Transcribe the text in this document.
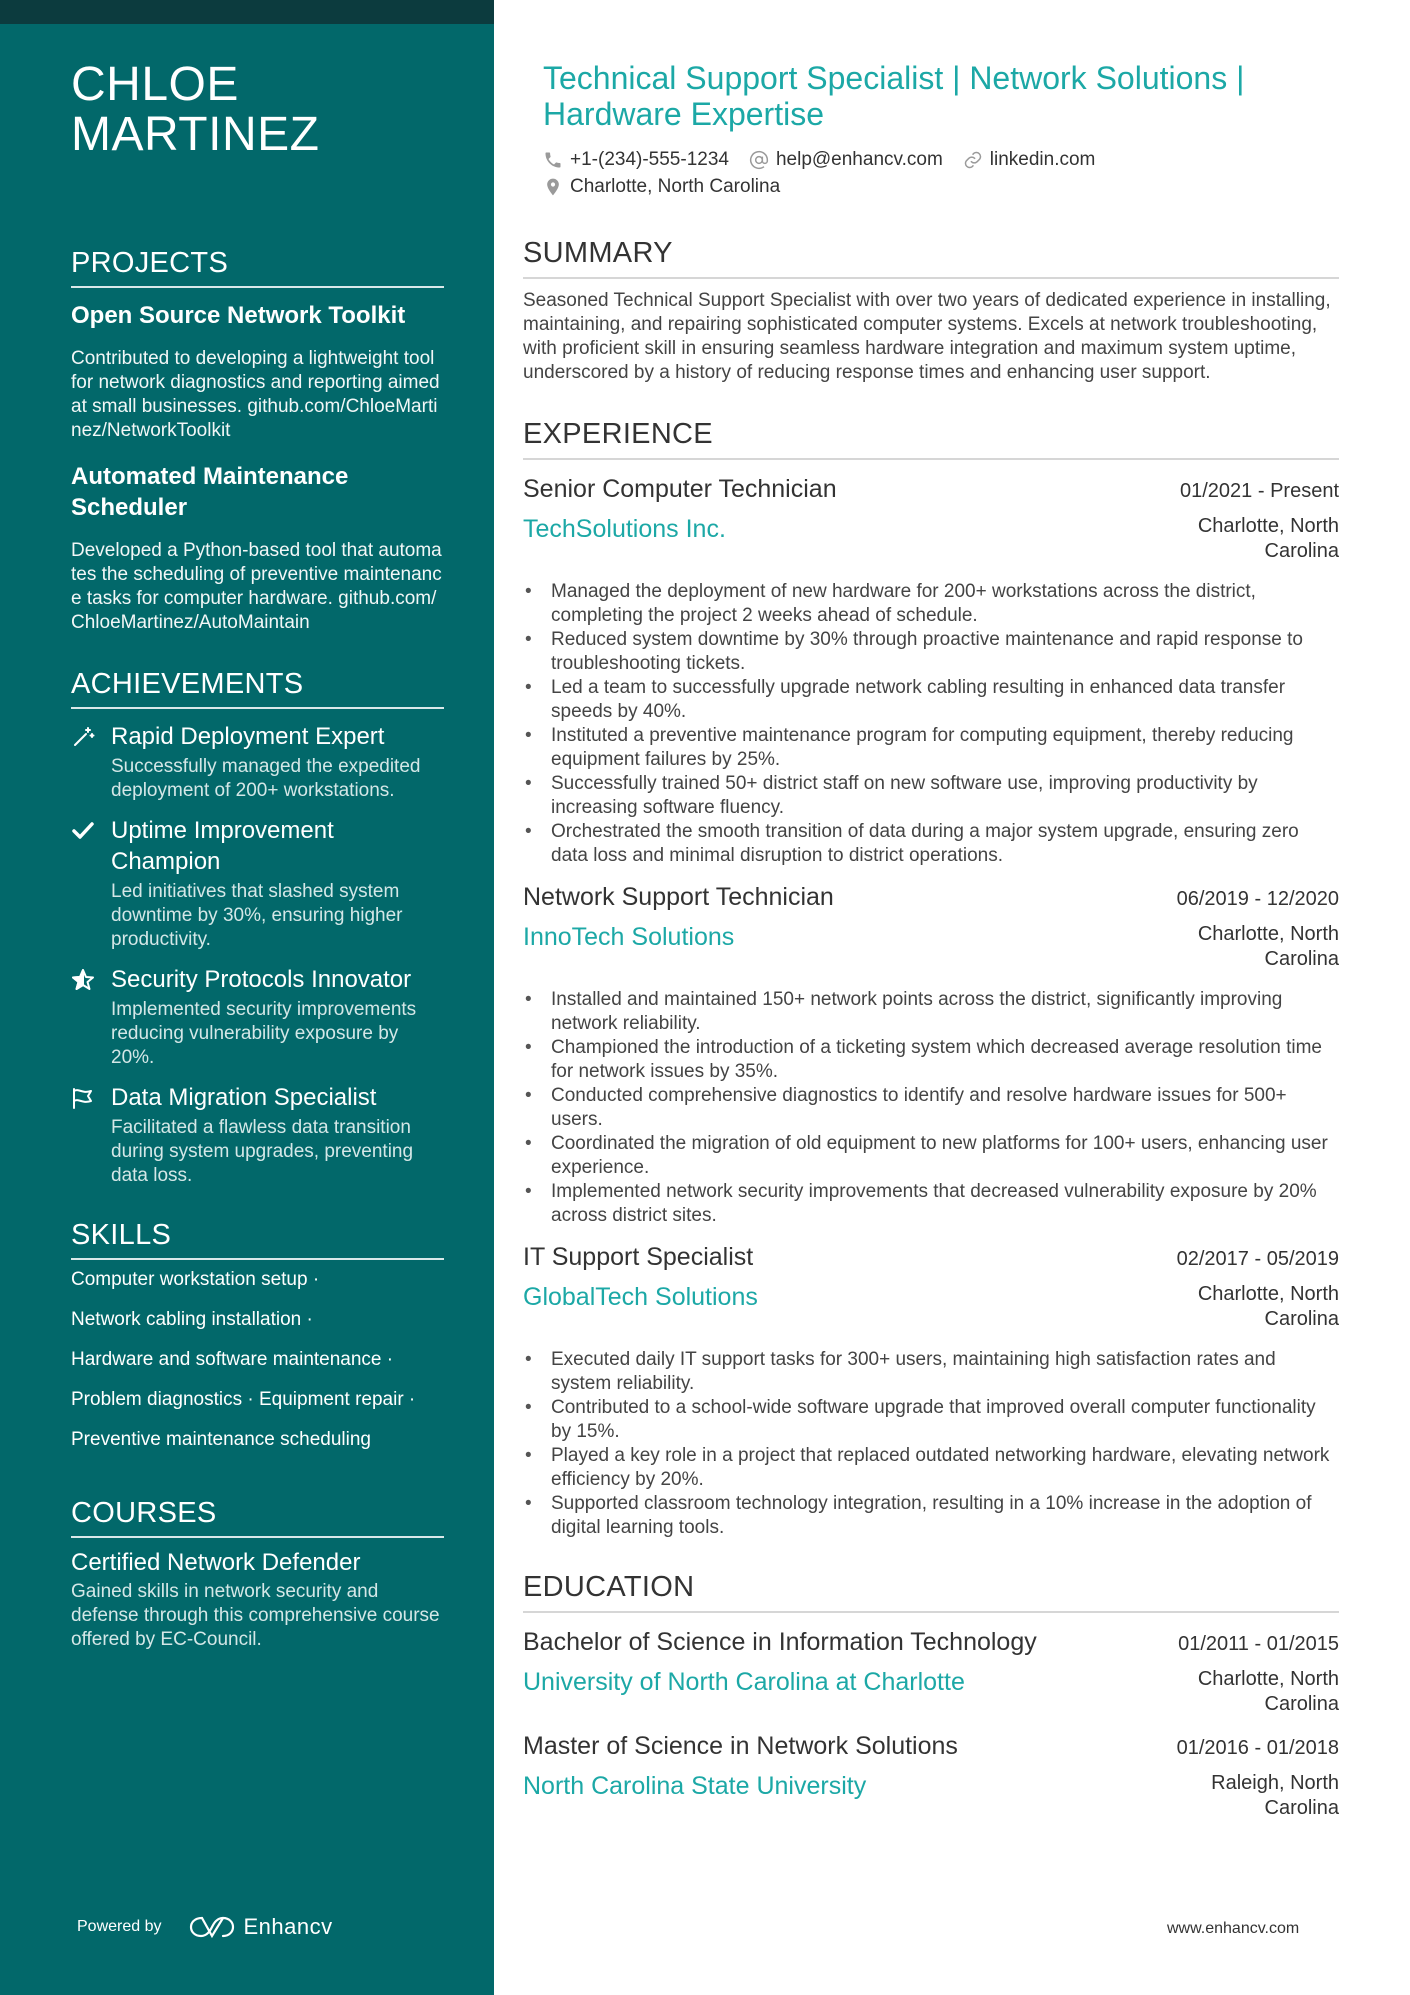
CHLOE
MARTINEZ
PROJECTS
Open Source Network Toolkit
Contributed to developing a lightweight tool for network diagnostics and reporting aimed at small businesses. github.com/ChloeMartinez/NetworkToolkit
Automated Maintenance Scheduler
Developed a Python-based tool that automates the scheduling of preventive maintenance tasks for computer hardware. github.com/ChloeMartinez/AutoMaintain
ACHIEVEMENTS
Rapid Deployment Expert
Successfully managed the expedited deployment of 200+ workstations.
Uptime Improvement Champion
Led initiatives that slashed system downtime by 30%, ensuring higher productivity.
Security Protocols Innovator
Implemented security improvements reducing vulnerability exposure by 20%.
Data Migration Specialist
Facilitated a flawless data transition during system upgrades, preventing data loss.
SKILLS
Computer workstation setup ·
Network cabling installation ·
Hardware and software maintenance ·
Problem diagnostics · Equipment repair ·
Preventive maintenance scheduling
COURSES
Certified Network Defender
Gained skills in network security and defense through this comprehensive course offered by EC-Council.
Powered by	Enhancv
Technical Support Specialist | Network Solutions | Hardware Expertise
+1-(234)-555-1234 help@enhancv.com linkedin.com
Charlotte, North Carolina
SUMMARY

Seasoned Technical Support Specialist with over two years of dedicated experience in installing, maintaining, and repairing sophisticated computer systems. Excels at network troubleshooting, with proficient skill in ensuring seamless hardware integration and maximum system uptime, underscored by a history of reducing response times and enhancing user support.

EXPERIENCE
Senior Computer Technician	01/2021 - Present
TechSolutions Inc.	Charlotte, North Carolina
• Managed the deployment of new hardware for 200+ workstations across the district, completing the project 2 weeks ahead of schedule.
• Reduced system downtime by 30% through proactive maintenance and rapid response to troubleshooting tickets.
• Led a team to successfully upgrade network cabling resulting in enhanced data transfer speeds by 40%.
• Instituted a preventive maintenance program for computing equipment, thereby reducing equipment failures by 25%.
• Successfully trained 50+ district staff on new software use, improving productivity by increasing software fluency.
• Orchestrated the smooth transition of data during a major system upgrade, ensuring zero data loss and minimal disruption to district operations.
Network Support Technician	06/2019 - 12/2020
InnoTech Solutions	Charlotte, North Carolina
• Installed and maintained 150+ network points across the district, significantly improving network reliability.
• Championed the introduction of a ticketing system which decreased average resolution time for network issues by 35%.
• Conducted comprehensive diagnostics to identify and resolve hardware issues for 500+ users.
• Coordinated the migration of old equipment to new platforms for 100+ users, enhancing user experience.
• Implemented network security improvements that decreased vulnerability exposure by 20% across district sites.
IT Support Specialist	02/2017 - 05/2019
GlobalTech Solutions	Charlotte, North Carolina
• Executed daily IT support tasks for 300+ users, maintaining high satisfaction rates and system reliability.
• Contributed to a school-wide software upgrade that improved overall computer functionality by 15%.
• Played a key role in a project that replaced outdated networking hardware, elevating network efficiency by 20%.
• Supported classroom technology integration, resulting in a 10% increase in the adoption of digital learning tools.
EDUCATION
Bachelor of Science in Information Technology	01/2011 - 01/2015
University of North Carolina at Charlotte	Charlotte, North Carolina
Master of Science in Network Solutions	01/2016 - 01/2018
North Carolina State University	Raleigh, North Carolina
www.enhancv.com
